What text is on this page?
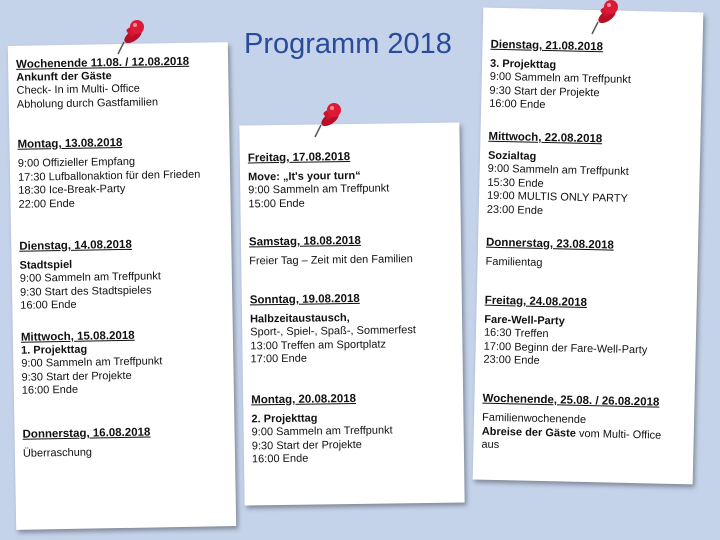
Programm 2018
Wochenende 11.08. / 12.08.2018
Ankunft der Gäste
Check- In im Multi- Office
Abholung durch Gastfamilien
Montag, 13.08.2018
9:00 Offizieller Empfang
17:30 Lufballonaktion für den Frieden
18:30 Ice-Break-Party
22:00 Ende
Dienstag, 14.08.2018
Stadtspiel
9:00 Sammeln am Treffpunkt
9:30 Start des Stadtspieles
16:00 Ende
Mittwoch, 15.08.2018
1. Projekttag
9:00 Sammeln am Treffpunkt
9:30 Start der Projekte
16:00 Ende
Donnerstag, 16.08.2018
Überraschung
Freitag, 17.08.2018
Move: „It's your turn“
9:00 Sammeln am Treffpunkt
15:00 Ende
Samstag, 18.08.2018
Freier Tag – Zeit mit den Familien
Sonntag, 19.08.2018
Halbzeitaustausch,
Sport-, Spiel-, Spaß-, Sommerfest
13:00 Treffen am Sportplatz
17:00 Ende
Montag, 20.08.2018
2. Projekttag
9:00 Sammeln am Treffpunkt
9:30 Start der Projekte
16:00 Ende
Dienstag, 21.08.2018
3. Projekttag
9:00 Sammeln am Treffpunkt
9:30 Start der Projekte
16:00 Ende
Mittwoch, 22.08.2018
Sozialtag
9:00 Sammeln am Treffpunkt
15:30 Ende
19:00 MULTIS ONLY PARTY
23:00 Ende
Donnerstag, 23.08.2018
Familientag
Freitag, 24.08.2018
Fare-Well-Party
16:30 Treffen
17:00 Beginn der Fare-Well-Party
23:00 Ende
Wochenende, 25.08. / 26.08.2018
Familienwochenende
Abreise der Gäste vom Multi- Office
aus
